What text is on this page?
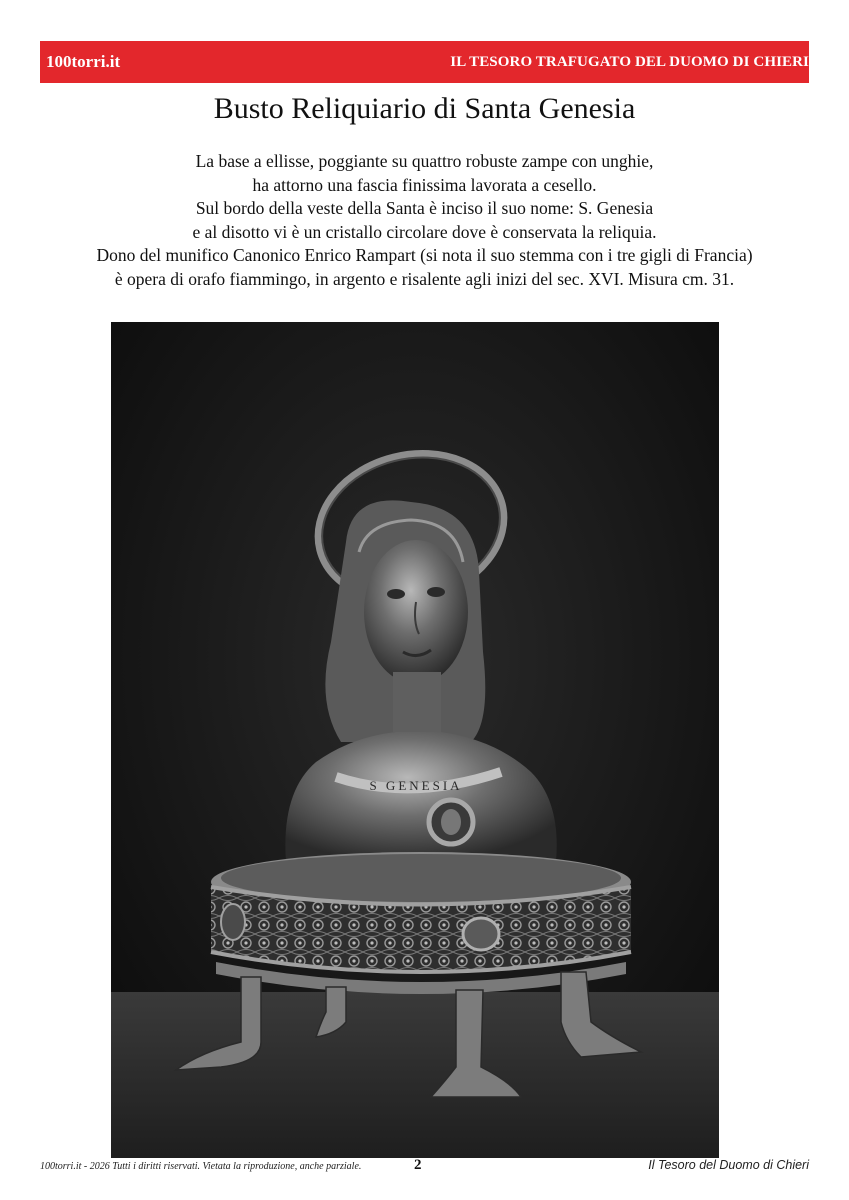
100torri.it	IL TESORO TRAFUGATO DEL DUOMO DI CHIERI
Busto Reliquiario di Santa Genesia
La base a ellisse, poggiante su quattro robuste zampe con unghie,
ha attorno una fascia finissima lavorata a cesello.
Sul bordo della veste della Santa è inciso il suo nome: S. Genesia
e al disotto vi è un cristallo circolare dove è conservata la reliquia.
Dono del munifico Canonico Enrico Rampart (si nota il suo stemma con i tre gigli di Francia)
è opera di orafo fiammingo, in argento e risalente agli inizi del sec. XVI. Misura cm. 31.
S GENESIA
100torri.it - 2026 Tutti i diritti riservati. Vietata la riproduzione, anche parziale.	2	Il Tesoro del Duomo di Chieri
